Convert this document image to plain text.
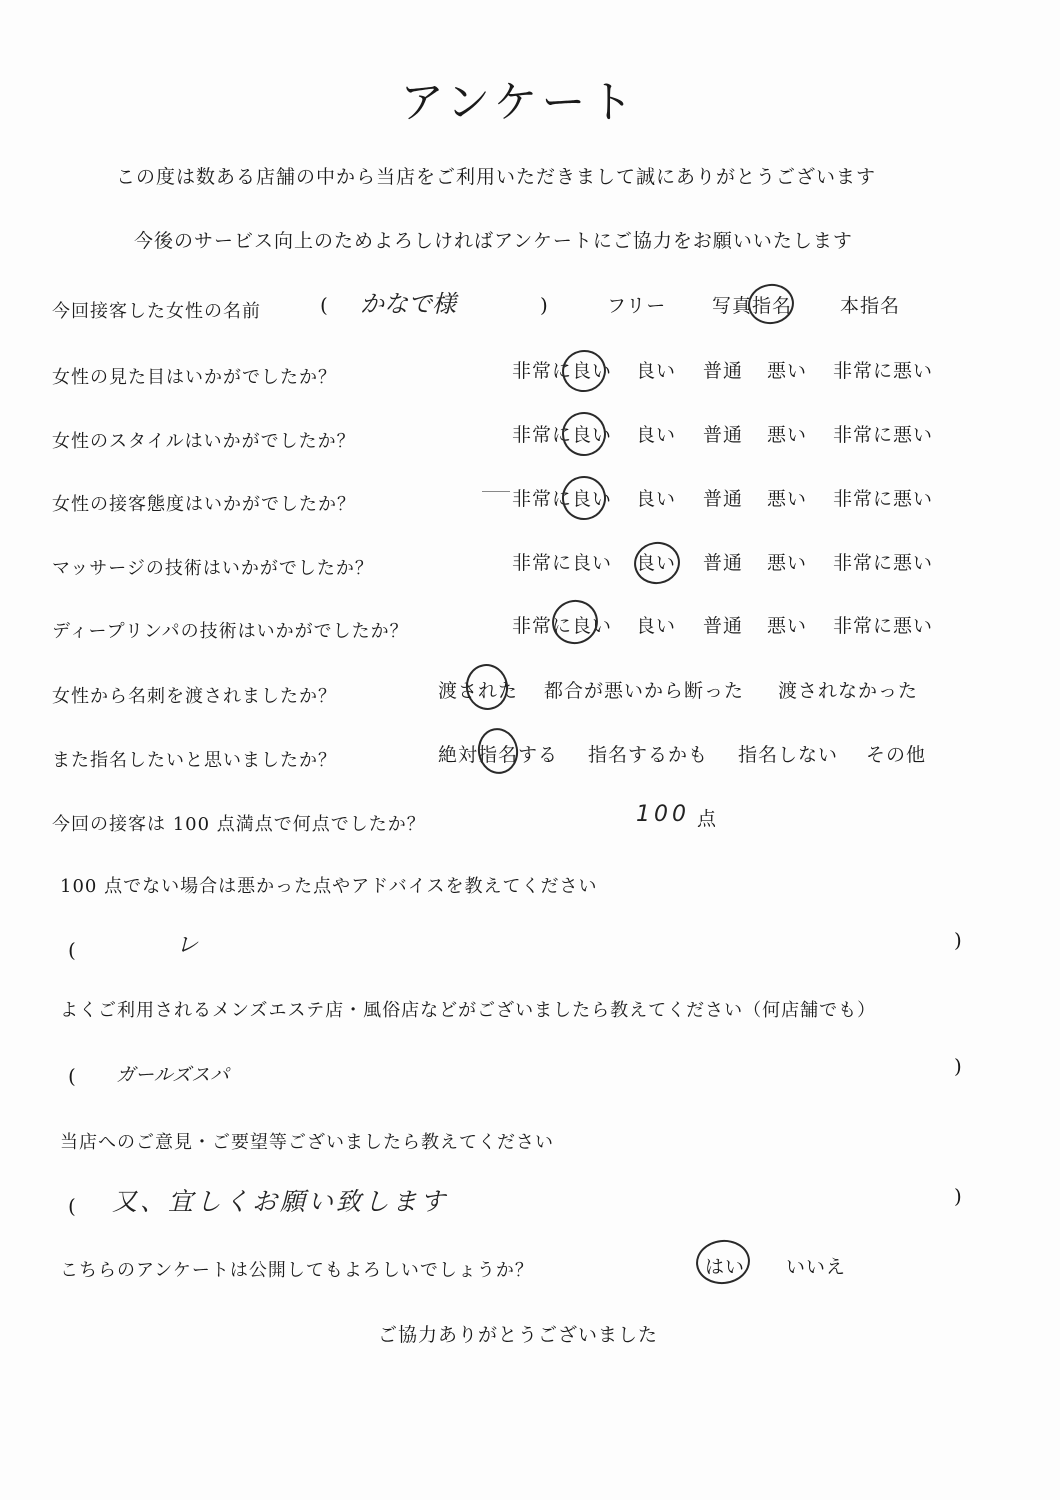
アンケート
この度は数ある店舗の中から当店をご利用いただきまして誠にありがとうございます
今後のサービス向上のためよろしければアンケートにご協力をお願いいたします
今回接客した女性の名前	( かなで様	)	フリー 写真指名	本指名
女性の見た目はいかがでしたか？	非常に良い 良い 普通 悪い 非常に悪い
女性のスタイルはいかがでしたか？	非常に良い 良い 普通 悪い 非常に悪い
女性の接客態度はいかがでしたか？	非常に良い 良い 普通 悪い 非常に悪い
マッサージの技術はいかがでしたか？	非常に良い 良い 普通 悪い 非常に悪い
ディープリンパの技術はいかがでしたか？	非常に良い 良い 普通 悪い 非常に悪い
女性から名刺を渡されましたか？	渡された 都合が悪いから断った 渡されなかった
また指名したいと思いましたか？	絶対指名する 指名するかも 指名しない その他
今回の接客は 100 点満点で何点でしたか？	100 点
100 点でない場合は悪かった点やアドバイスを教えてください
(	レ	)
よくご利用されるメンズエステ店・風俗店などがございましたら教えてください（何店舗でも）
( ガールズスパ	)
当店へのご意見・ご要望等ございましたら教えてください
( 又、宜しくお願い致します	)
こちらのアンケートは公開してもよろしいでしょうか？	はい いいえ
ご協力ありがとうございました
